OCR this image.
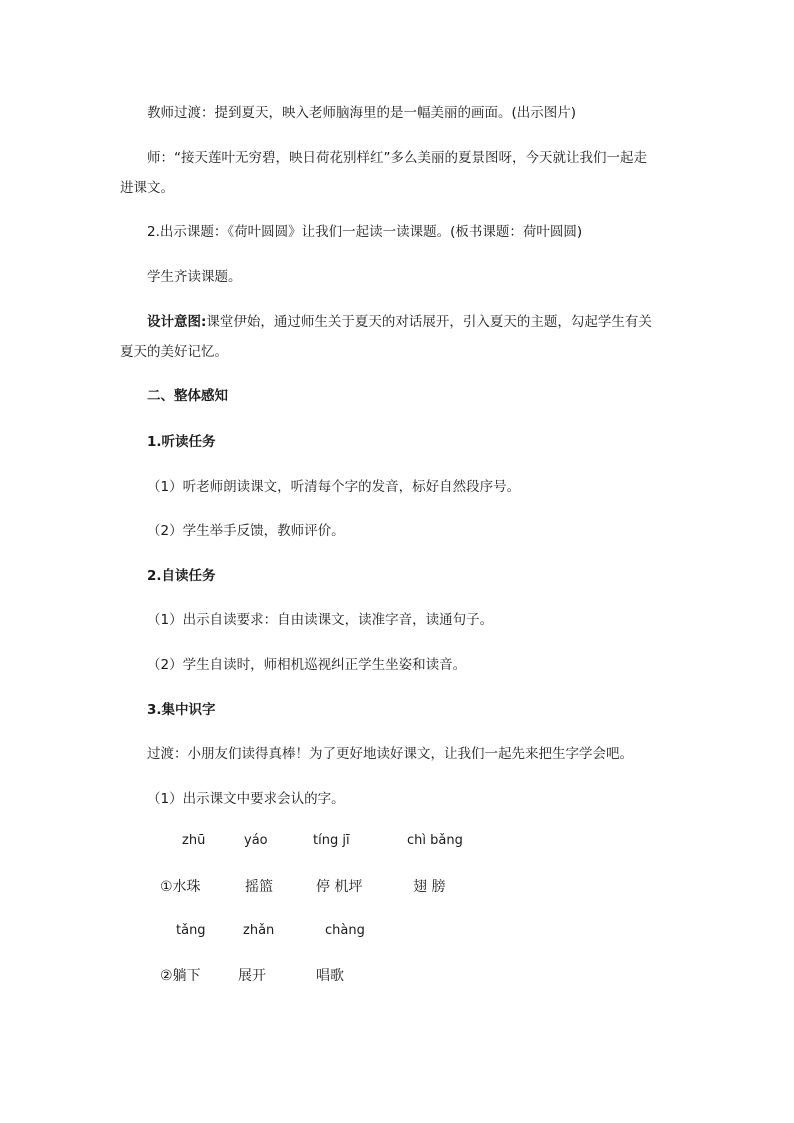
教师过渡：提到夏天，映入老师脑海里的是一幅美丽的画面。(出示图片)
师：“接天莲叶无穷碧，映日荷花别样红”多么美丽的夏景图呀，今天就让我们一起走
进课文。
2.出示课题：《荷叶圆圆》让我们一起读一读课题。(板书课题：荷叶圆圆)
学生齐读课题。
设计意图:课堂伊始，通过师生关于夏天的对话展开，引入夏天的主题，勾起学生有关
夏天的美好记忆。
二、整体感知
1.听读任务
（1）听老师朗读课文，听清每个字的发音，标好自然段序号。
（2）学生举手反馈，教师评价。
2.自读任务
（1）出示自读要求：自由读课文，读准字音，读通句子。
（2）学生自读时，师相机巡视纠正学生坐姿和读音。
3.集中识字
过渡：小朋友们读得真棒！为了更好地读好课文，让我们一起先来把生字学会吧。
（1）出示课文中要求会认的字。
zhū	yáo	tíng jī	chì bǎng
①水珠	摇篮	停 机坪	翅 膀
tǎng	zhǎn	chàng
②躺下	展开	唱歌
